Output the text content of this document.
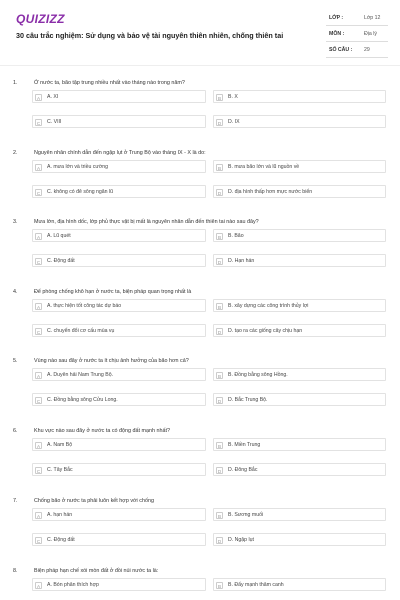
QUIZIZZ
30 câu trắc nghiệm: Sử dụng và bảo vệ tài nguyên thiên nhiên, chống thiên tai
LỚP :	Lớp 12
MÔN :	Địa lý
SỐ CÂU : 29
1.	Ở nước ta, bão tập trung nhiều nhất vào tháng nào trong năm?
A	A. XI	B	B. X
C	C. VIII	D	D. IX
2.	Nguyên nhân chính dẫn đến ngập lụt ở Trung Bộ vào tháng IX - X là do:
A	A. mưa lớn và triều cường	B	B. mưa bão lớn và lũ nguồn về
C	C. không có đê sông ngăn lũ	D	D. địa hình thấp hơn mực nước biển
3.	Mưa lớn, địa hình dốc, lớp phủ thực vật bị mất là nguyên nhân dẫn đến thiên tai nào sau đây?
A	A. Lũ quét	B	B. Bão
C	C. Động đất	D	D. Hạn hán
4.	Để phòng chống khô hạn ở nước ta, biện pháp quan trọng nhất là
A	A. thực hiện tốt công tác dự báo	B	B. xây dựng các công trình thủy lợi
C	C. chuyển đổi cơ cấu mùa vụ	D	D. tạo ra các giống cây chịu hạn
5.	Vùng nào sau đây ở nước ta ít chịu ảnh hưởng của bão hơn cả?
A	A. Duyên hải Nam Trung Bộ.	B	B. Đồng bằng sông Hồng.
C	C. Đồng bằng sông Cửu Long.	D	D. Bắc Trung Bộ.
6.	Khu vực nào sau đây ở nước ta có động đất mạnh nhất?
A	A. Nam Bộ	B	B. Miền Trung
C	C. Tây Bắc	D	D. Đông Bắc
7.	Chống bão ở nước ta phải luôn kết hợp với chống
A	A. hạn hán	B	B. Sương muối
C	C. Động đất	D	D. Ngập lụt
8.	Biện pháp hạn chế xói mòn đất ở đồi núi nước ta là:
A	A. Bón phân thích hợp	B	B. Đẩy mạnh thâm canh
